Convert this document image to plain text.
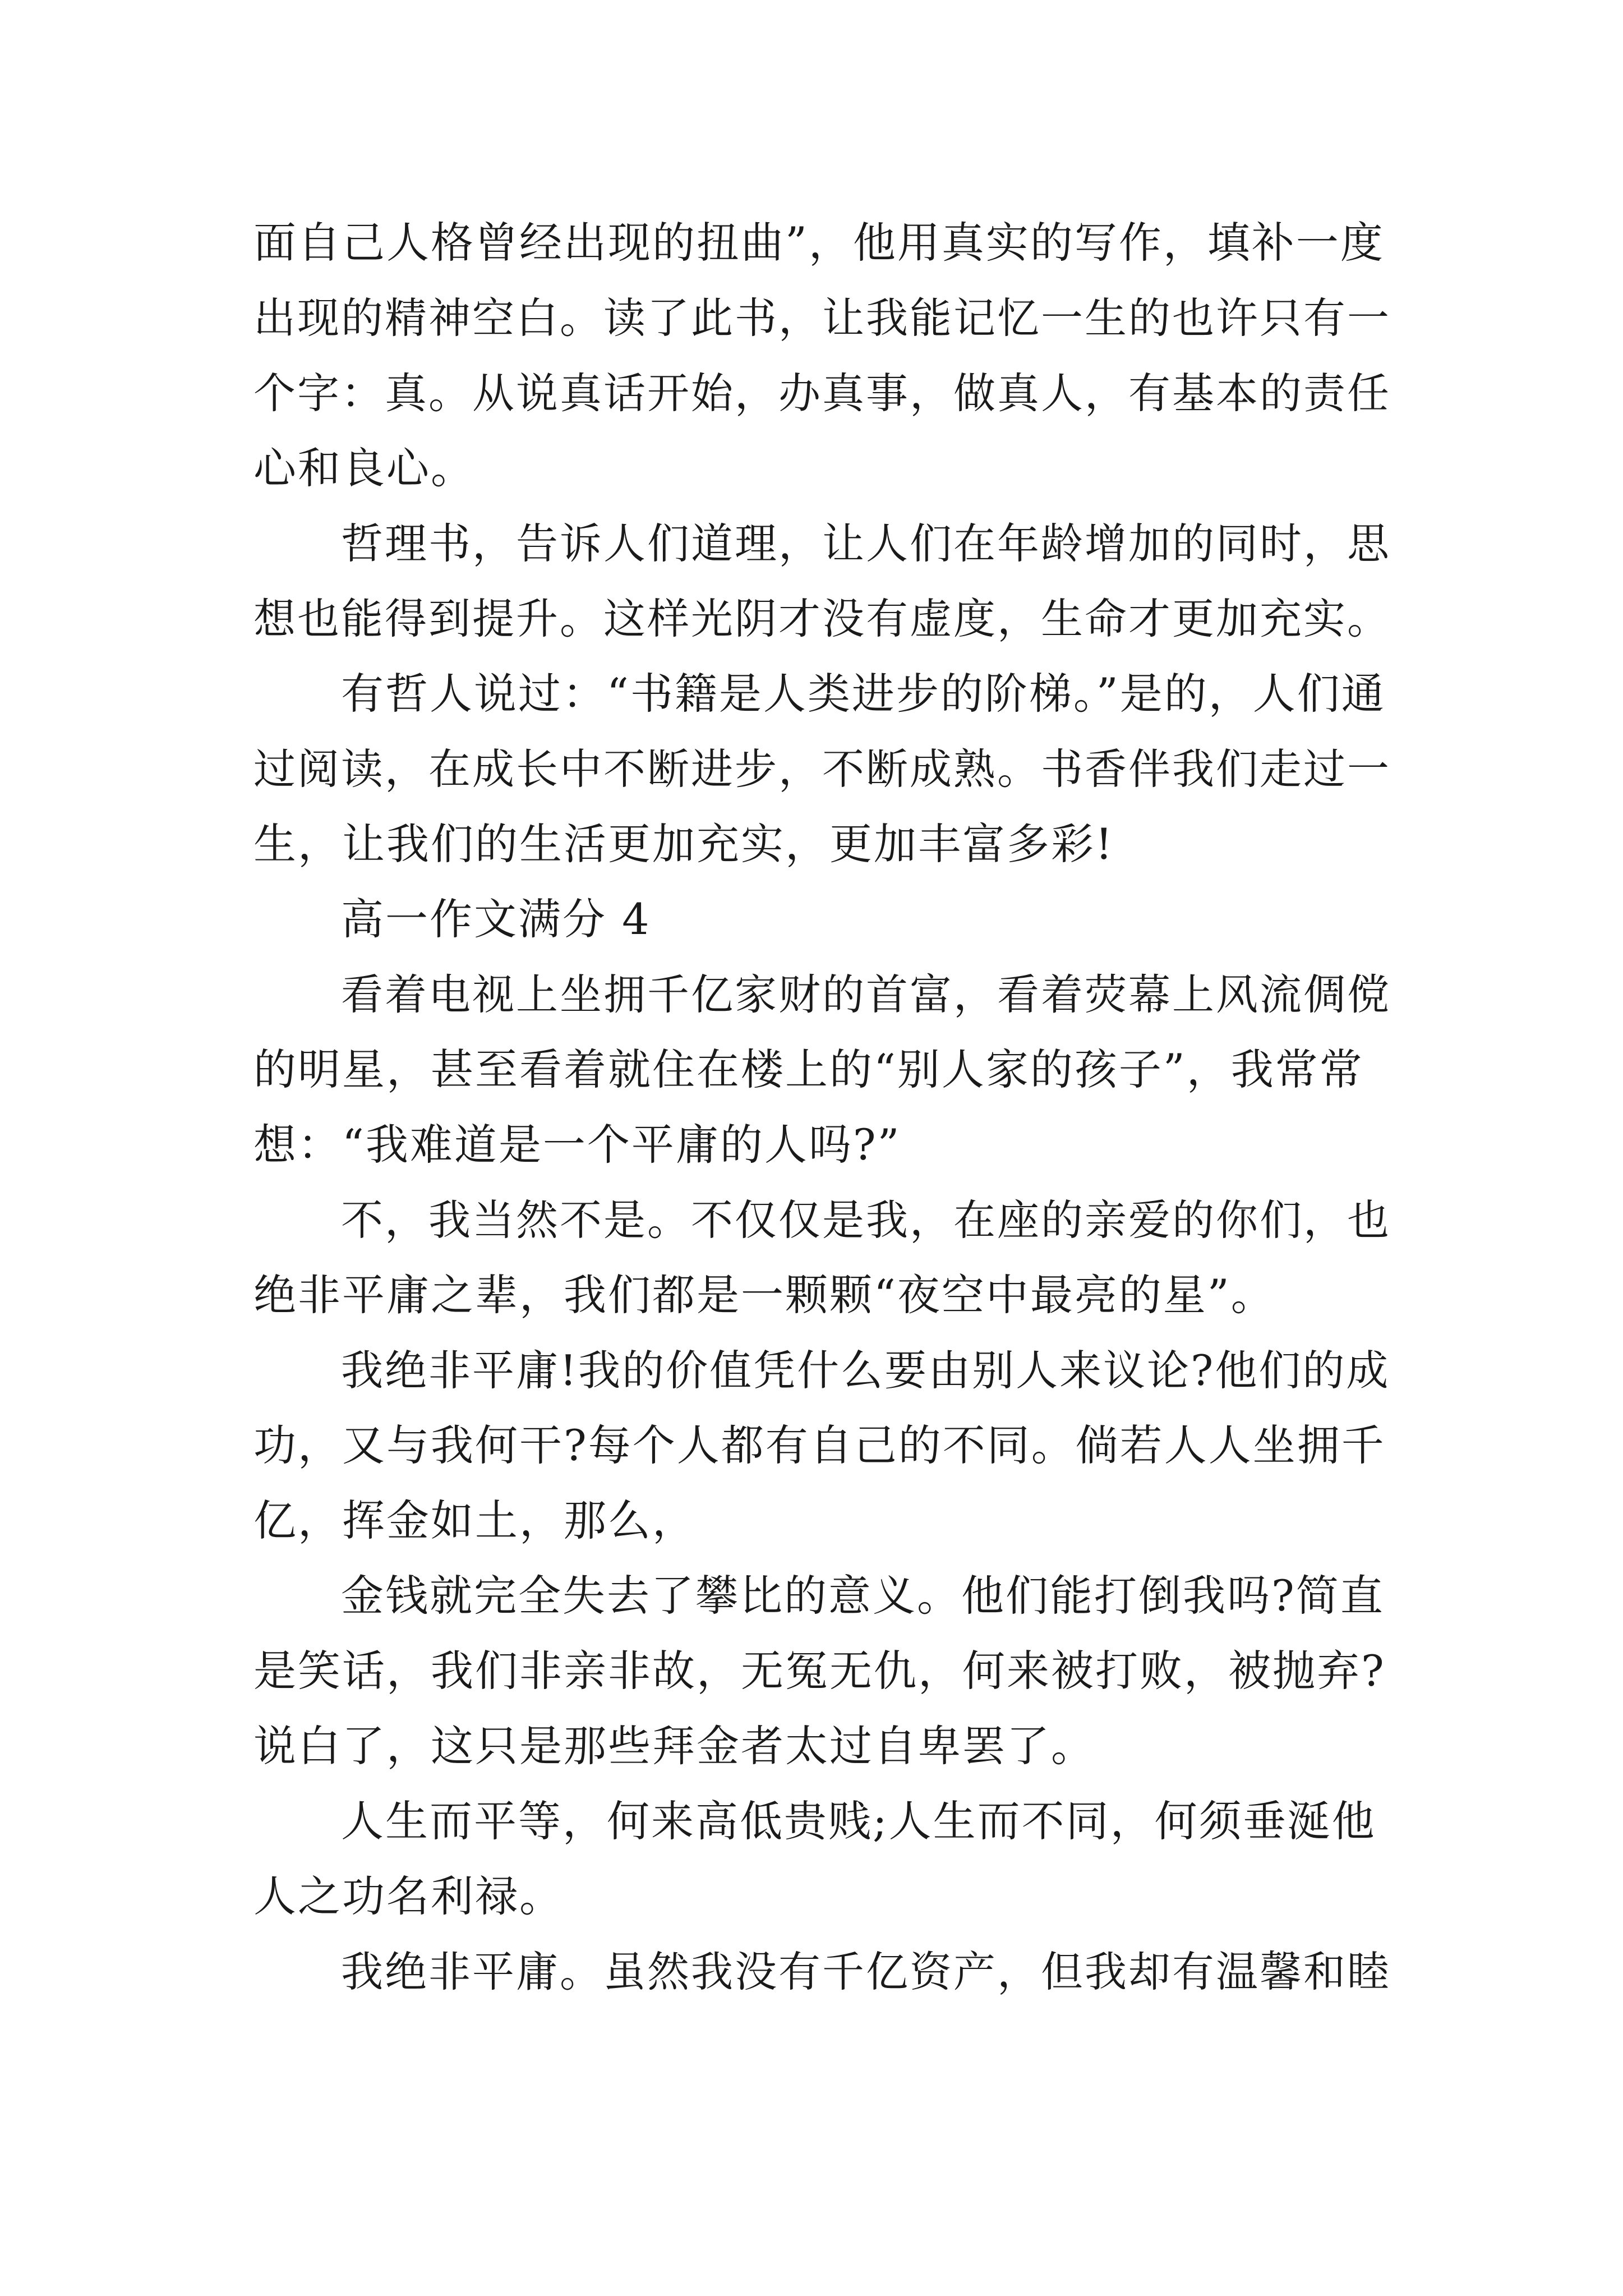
面自己人格曾经出现的扭曲”，他用真实的写作，填补一度
出现的精神空白。读了此书，让我能记忆一生的也许只有一
个字：真。从说真话开始，办真事，做真人，有基本的责任
心和良心。
哲理书，告诉人们道理，让人们在年龄增加的同时，思
想也能得到提升。这样光阴才没有虚度，生命才更加充实。
有哲人说过：“书籍是人类进步的阶梯。”是的，人们通
过阅读，在成长中不断进步，不断成熟。书香伴我们走过一
生，让我们的生活更加充实，更加丰富多彩!
高一作文满分 4
看着电视上坐拥千亿家财的首富，看着荧幕上风流倜傥
的明星，甚至看着就住在楼上的“别人家的孩子”，我常常
想：“我难道是一个平庸的人吗?”
不，我当然不是。不仅仅是我，在座的亲爱的你们，也
绝非平庸之辈，我们都是一颗颗“夜空中最亮的星”。
我绝非平庸!我的价值凭什么要由别人来议论?他们的成
功，又与我何干?每个人都有自己的不同。倘若人人坐拥千
亿，挥金如土，那么，
金钱就完全失去了攀比的意义。他们能打倒我吗?简直
是笑话，我们非亲非故，无冤无仇，何来被打败，被抛弃?
说白了，这只是那些拜金者太过自卑罢了。
人生而平等，何来高低贵贱;人生而不同，何须垂涎他
人之功名利禄。
我绝非平庸。虽然我没有千亿资产，但我却有温馨和睦
